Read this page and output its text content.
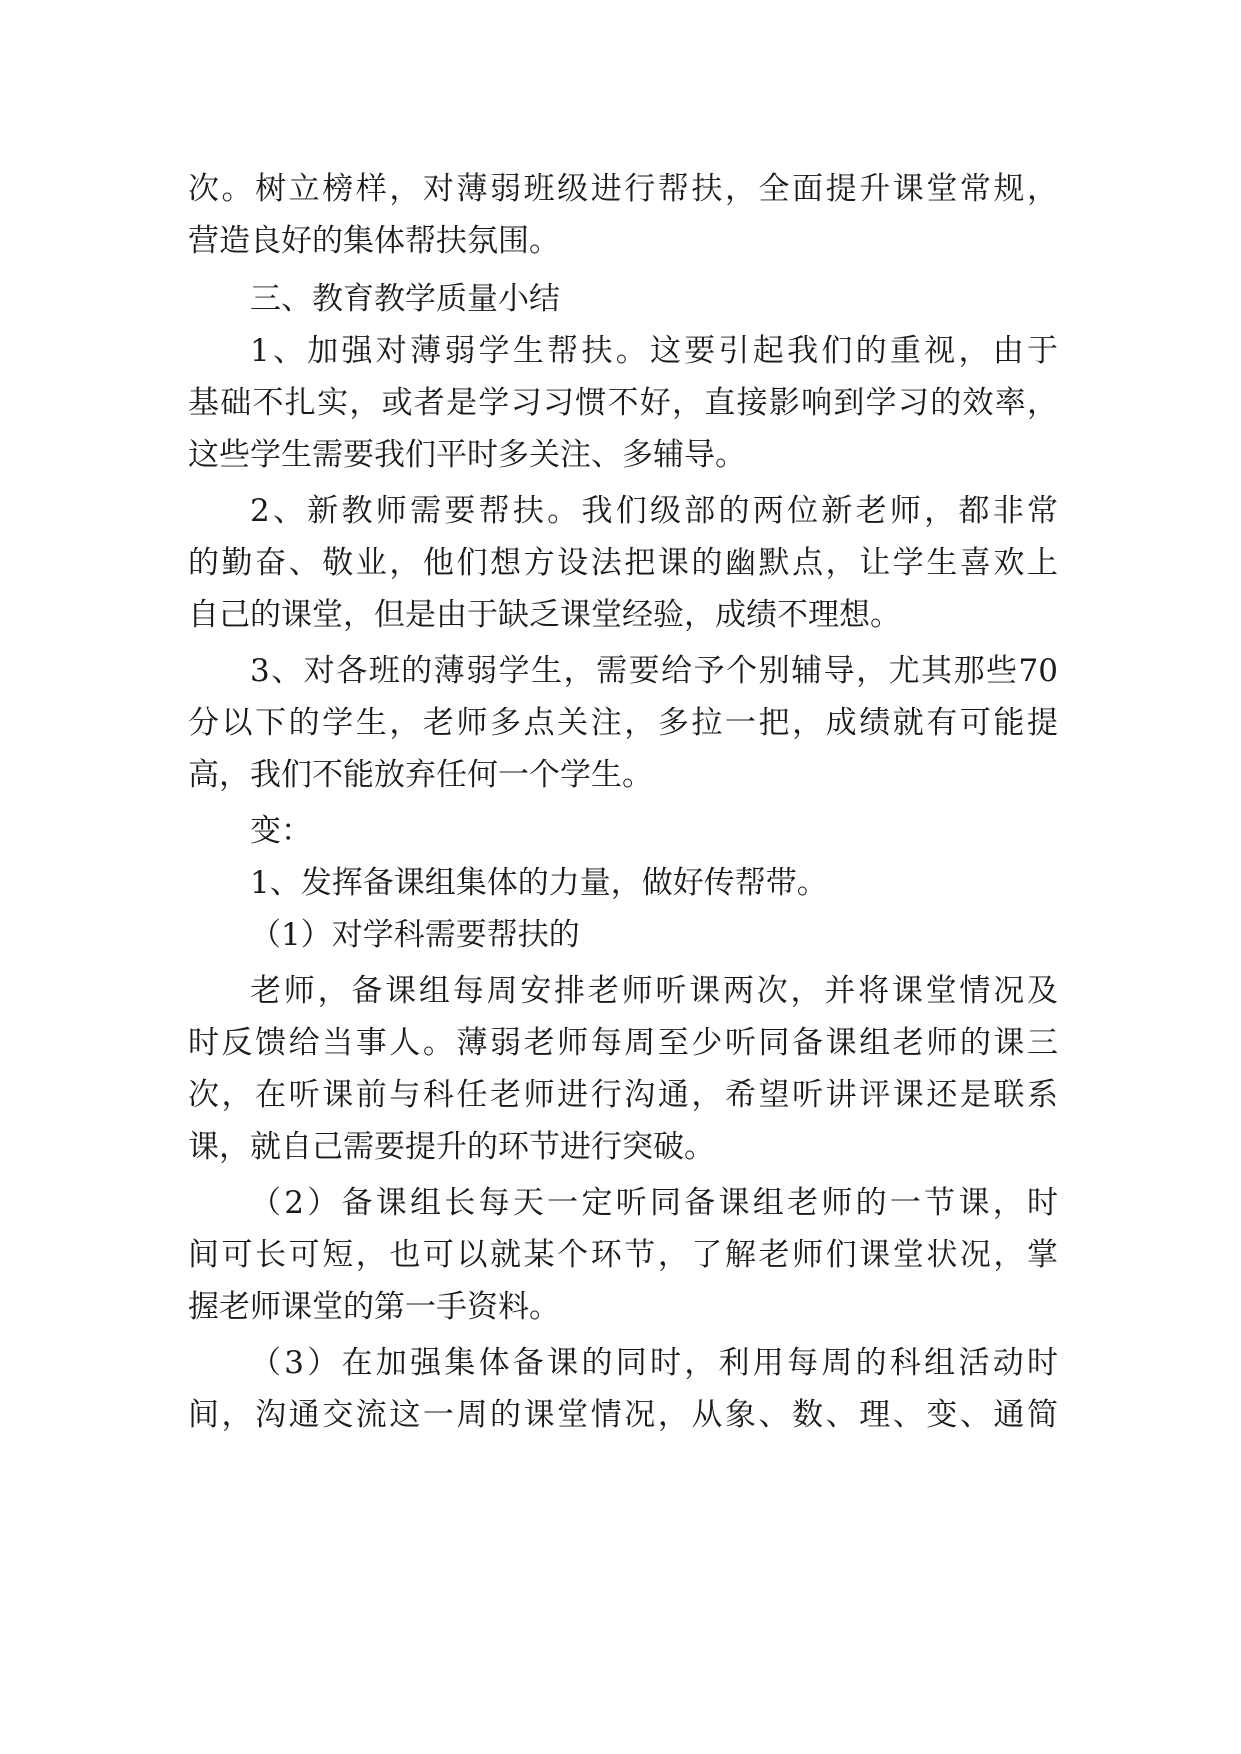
次。树立榜样，对薄弱班级进行帮扶，全面提升课堂常规，
营造良好的集体帮扶氛围。
三、教育教学质量小结
1、加强对薄弱学生帮扶。这要引起我们的重视，由于
基础不扎实，或者是学习习惯不好，直接影响到学习的效率，
这些学生需要我们平时多关注、多辅导。
2、新教师需要帮扶。我们级部的两位新老师，都非常
的勤奋、敬业，他们想方设法把课的幽默点，让学生喜欢上
自己的课堂，但是由于缺乏课堂经验，成绩不理想。
3、对各班的薄弱学生，需要给予个别辅导，尤其那些70
分以下的学生，老师多点关注，多拉一把，成绩就有可能提
高，我们不能放弃任何一个学生。
变：
1、发挥备课组集体的力量，做好传帮带。
（1）对学科需要帮扶的
老师，备课组每周安排老师听课两次，并将课堂情况及
时反馈给当事人。薄弱老师每周至少听同备课组老师的课三
次，在听课前与科任老师进行沟通，希望听讲评课还是联系
课，就自己需要提升的环节进行突破。
（2）备课组长每天一定听同备课组老师的一节课，时
间可长可短，也可以就某个环节，了解老师们课堂状况，掌
握老师课堂的第一手资料。
（3）在加强集体备课的同时，利用每周的科组活动时
间，沟通交流这一周的课堂情况，从象、数、理、变、通简
